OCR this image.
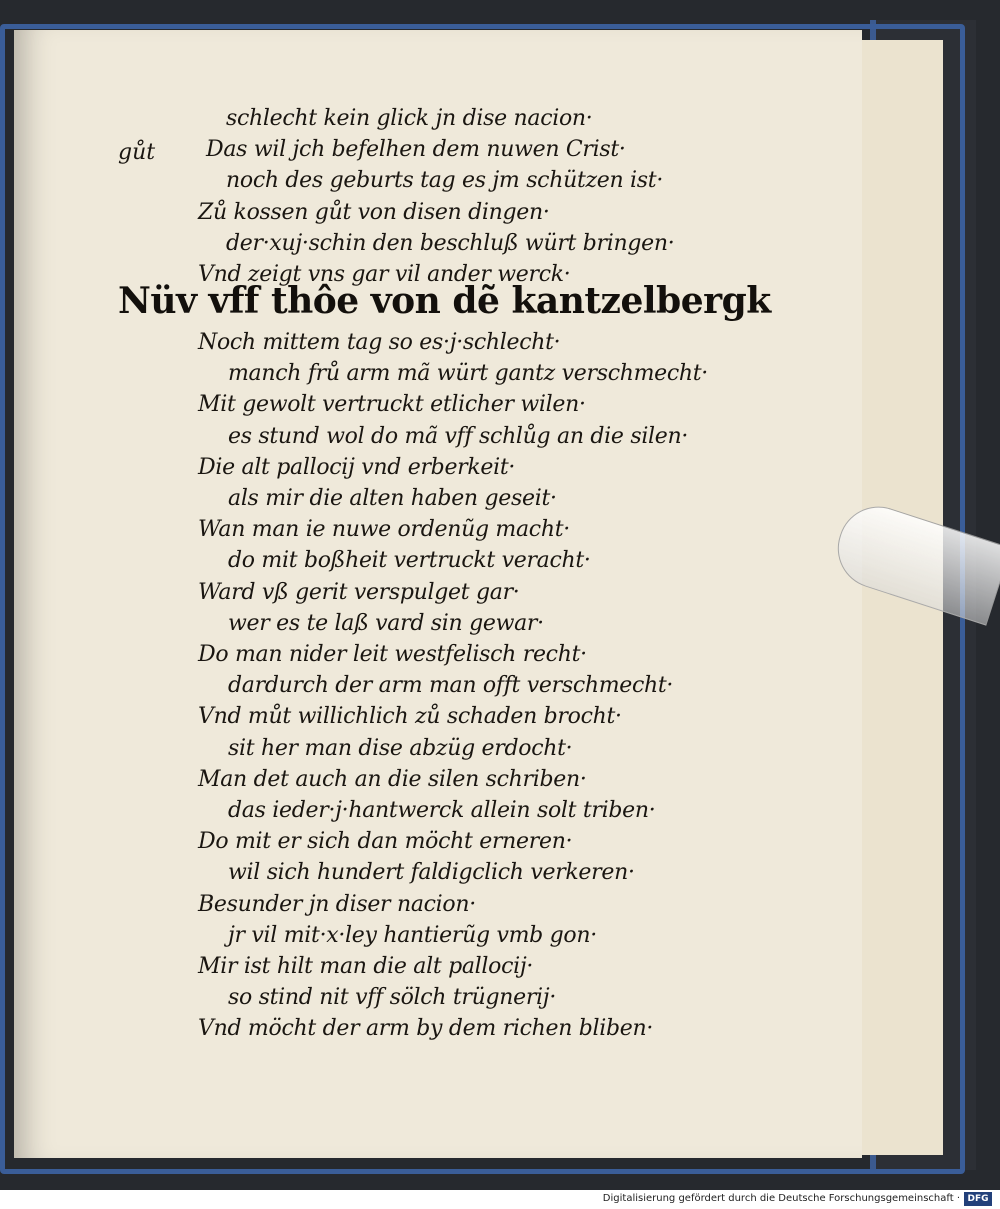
gůt
schlecht kein glick jn dise nacion·
Das wil jch befelhen dem nuwen Crist·
noch des geburts tag es jm schützen ist·
Zů kossen gůt von disen dingen·
der·xuj·schin den beschluß würt bringen·
Vnd zeigt vns gar vil ander werck·
Nüv vff thôe von dẽ kantzelbergk
Noch mittem tag so es·j·schlecht·
manch frů arm mã würt gantz verschmecht·
Mit gewolt vertruckt etlicher wilen·
es stund wol do mã vff schlůg an die silen·
Die alt pallocij vnd erberkeit·
als mir die alten haben geseit·
Wan man ie nuwe ordenũg macht·
do mit boßheit vertruckt veracht·
Ward vß gerit verspulget gar·
wer es te laß vard sin gewar·
Do man nider leit westfelisch recht·
dardurch der arm man offt verschmecht·
Vnd můt willichlich zů schaden brocht·
sit her man dise abzüg erdocht·
Man det auch an die silen schriben·
das ieder·j·hantwerck allein solt triben·
Do mit er sich dan möcht erneren·
wil sich hundert faldigclich verkeren·
Besunder jn diser nacion·
jr vil mit·x·ley hantierũg vmb gon·
Mir ist hilt man die alt pallocij·
so stind nit vff sölch trügnerij·
Vnd möcht der arm by dem richen bliben·
Digitalisierung gefördert durch die Deutsche Forschungsgemeinschaft · DFG
